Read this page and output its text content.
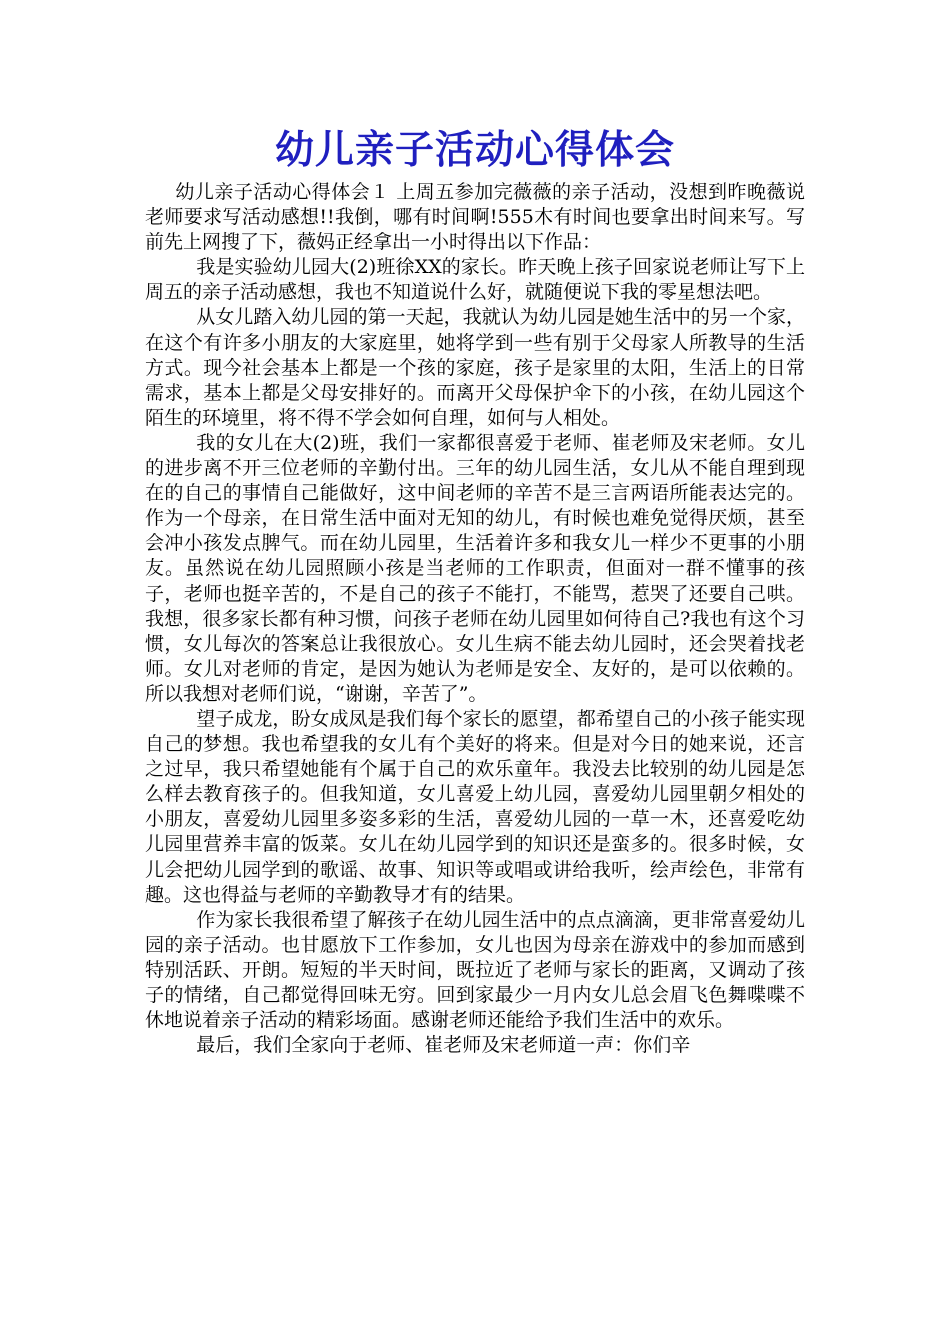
幼儿亲子活动心得体会

幼儿亲子活动心得体会１ 上周五参加完薇薇的亲子活动，没想到昨晚薇说老师要求写活动感想!!我倒，哪有时间啊!555木有时间也要拿出时间来写。写前先上网搜了下，薇妈正经拿出一小时得出以下作品：

我是实验幼儿园大(2)班徐XX的家长。昨天晚上孩子回家说老师让写下上周五的亲子活动感想，我也不知道说什么好，就随便说下我的零星想法吧。

从女儿踏入幼儿园的第一天起，我就认为幼儿园是她生活中的另一个家，在这个有许多小朋友的大家庭里，她将学到一些有别于父母家人所教导的生活方式。现今社会基本上都是一个孩的家庭，孩子是家里的太阳，生活上的日常需求，基本上都是父母安排好的。而离开父母保护伞下的小孩，在幼儿园这个陌生的环境里，将不得不学会如何自理，如何与人相处。

我的女儿在大(2)班，我们一家都很喜爱于老师、崔老师及宋老师。女儿的进步离不开三位老师的辛勤付出。三年的幼儿园生活，女儿从不能自理到现在的自己的事情自己能做好，这中间老师的辛苦不是三言两语所能表达完的。作为一个母亲，在日常生活中面对无知的幼儿，有时候也难免觉得厌烦，甚至会冲小孩发点脾气。而在幼儿园里，生活着许多和我女儿一样少不更事的小朋友。虽然说在幼儿园照顾小孩是当老师的工作职责，但面对一群不懂事的孩子，老师也挺辛苦的，不是自己的孩子不能打，不能骂，惹哭了还要自己哄。我想，很多家长都有种习惯，问孩子老师在幼儿园里如何待自己?我也有这个习惯，女儿每次的答案总让我很放心。女儿生病不能去幼儿园时，还会哭着找老师。女儿对老师的肯定，是因为她认为老师是安全、友好的，是可以依赖的。所以我想对老师们说，“谢谢，辛苦了”。

望子成龙，盼女成凤是我们每个家长的愿望，都希望自己的小孩子能实现自己的梦想。我也希望我的女儿有个美好的将来。但是对今日的她来说，还言之过早，我只希望她能有个属于自己的欢乐童年。我没去比较别的幼儿园是怎么样去教育孩子的。但我知道，女儿喜爱上幼儿园，喜爱幼儿园里朝夕相处的小朋友，喜爱幼儿园里多姿多彩的生活，喜爱幼儿园的一草一木，还喜爱吃幼儿园里营养丰富的饭菜。女儿在幼儿园学到的知识还是蛮多的。很多时候，女儿会把幼儿园学到的歌谣、故事、知识等或唱或讲给我听，绘声绘色，非常有趣。这也得益与老师的辛勤教导才有的结果。

作为家长我很希望了解孩子在幼儿园生活中的点点滴滴，更非常喜爱幼儿园的亲子活动。也甘愿放下工作参加，女儿也因为母亲在游戏中的参加而感到特别活跃、开朗。短短的半天时间，既拉近了老师与家长的距离，又调动了孩子的情绪，自己都觉得回味无穷。回到家最少一月内女儿总会眉飞色舞喋喋不休地说着亲子活动的精彩场面。感谢老师还能给予我们生活中的欢乐。

最后，我们全家向于老师、崔老师及宋老师道一声：你们辛
